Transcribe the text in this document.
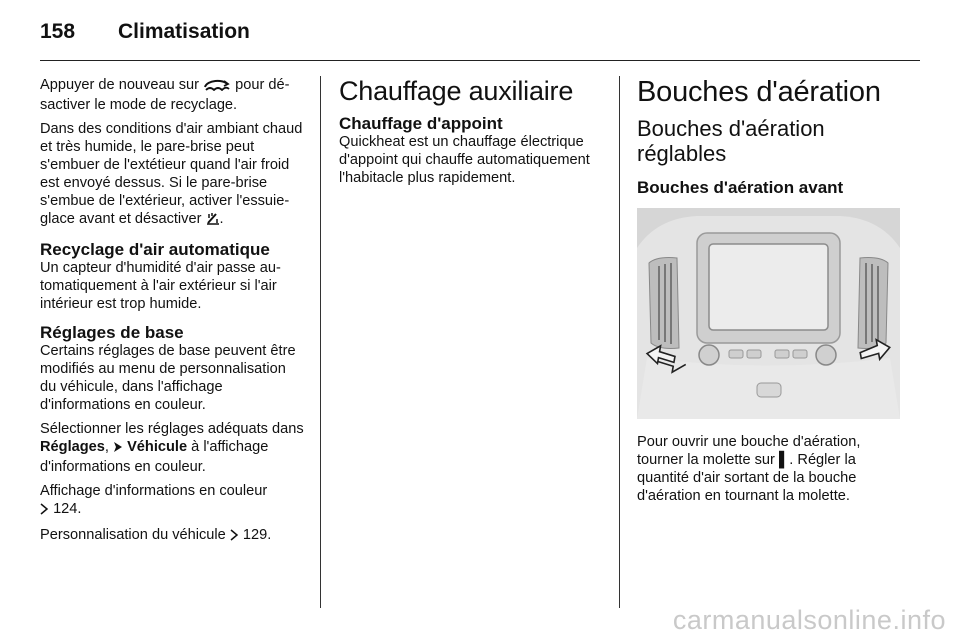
158 Climatisation

Appuyer de nouveau sur  pour désactiver le mode de recyclage.

Dans des conditions d'air ambiant chaud et très humide, le pare-brise peut s'embuer de l'extétieur quand l'air froid est envoyé dessus. Si le pare-brise s'embue de l'extérieur, activer l'essuie-glace avant et désactiver .

Recyclage d'air automatique

Un capteur d'humidité d'air passe automatiquement à l'air extérieur si l'air intérieur est trop humide.

Réglages de base

Certains réglages de base peuvent être modifiés au menu de personnalisation du véhicule, dans l'affichage d'informations en couleur.

Sélectionner les réglages adéquats dans Réglages,  Véhicule à l'affichage d'informations en couleur.

Affichage d'informations en couleur
124.

Personnalisation du véhicule 129.

Chauffage auxiliaire
Chauffage d'appoint

Quickheat est un chauffage électrique d'appoint qui chauffe automatiquement l'habitacle plus rapidement.

Bouches d'aération
Bouches d'aération réglables
Bouches d'aération avant

Pour ouvrir une bouche d'aération, tourner la molette sur ▌. Régler la quantité d'air sortant de la bouche d'aération en tournant la molette.

carmanualsonline.info
